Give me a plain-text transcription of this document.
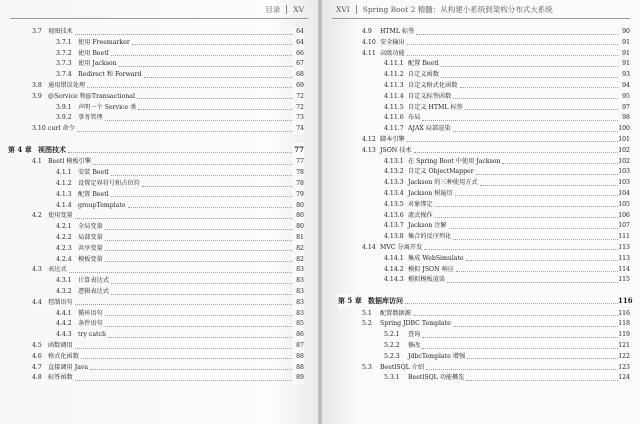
目录 XV
3.7 视图技术	64
3.7.1	使用 Freemarker	64
3.7.2	使用 Beetl	66
3.7.3	使用 Jackson	67
3.7.4	Redirect 和 Forward	68
3.8 通用错误处理	69
3.9 @Service 和@Transactional	72
3.9.1	声明一个 Service 类	72
3.9.2	事务管理	73
3.10 curl 命令	74
第 4 章 视图技术	77
4.1 Beetl 模板引擎	77
4.1.1	安装 Beetl	78
4.1.2	设置定界符号和占位符	78
4.1.3	配置 Beetl	79
4.1.4	groupTemplate	80
4.2 使用变量	80
4.2.1	全局变量	80
4.2.2	局部变量	81
4.2.3	共享变量	82
4.2.4	模板变量	82
4.3 表达式	83
4.3.1	计算表达式	83
4.3.2	逻辑表达式	83
4.4 控制语句	83
4.4.1	循环语句	83
4.4.2	条件语句	85
4.4.3	try catch	86
4.5 函数调用	87
4.6 格式化函数	88
4.7 直接调用 Java	88
4.8 标签函数	89
XVI Spring Boot 2 精髓：从构建小系统到架构分布式大系统
4.9	HTML 标签	90
4.10 安全输出	91
4.11 高级功能	91
4.11.1 配置 Beetl	91
4.11.2 自定义函数	93
4.11.3 自定义格式化函数	94
4.11.4 自定义标签函数	95
4.11.5 自定义 HTML 标签	97
4.11.6 布局	98
4.11.7 AJAX 局部渲染	100
4.12 脚本引擎	101
4.13 JSON 技术	102
4.13.1 在 Spring Boot 中使用 Jackson	102
4.13.2 自定义 ObjectMapper	103
4.13.3 Jackson 的三种使用方式	103
4.13.4 Jackson 树遍历	104
4.13.5 对象绑定	105
4.13.6 流式操作	106
4.13.7 Jackson 注解	107
4.13.8 集合的反序列化	111
4.14 MVC 分离开发	113
4.14.1 集成 WebSimulate	113
4.14.2 模拟 JSON 响应	114
4.14.3 模拟模板渲染	115
第 5 章 数据库访问	116
5.1	配置数据源	116
5.2	Spring JDBC Template	118
5.2.1	查询	119
5.2.2	修改	121
5.2.3	JdbcTemplate 增强	122
5.3	BeetlSQL 介绍	123
5.3.1	BeetlSQL 功能概览	124
